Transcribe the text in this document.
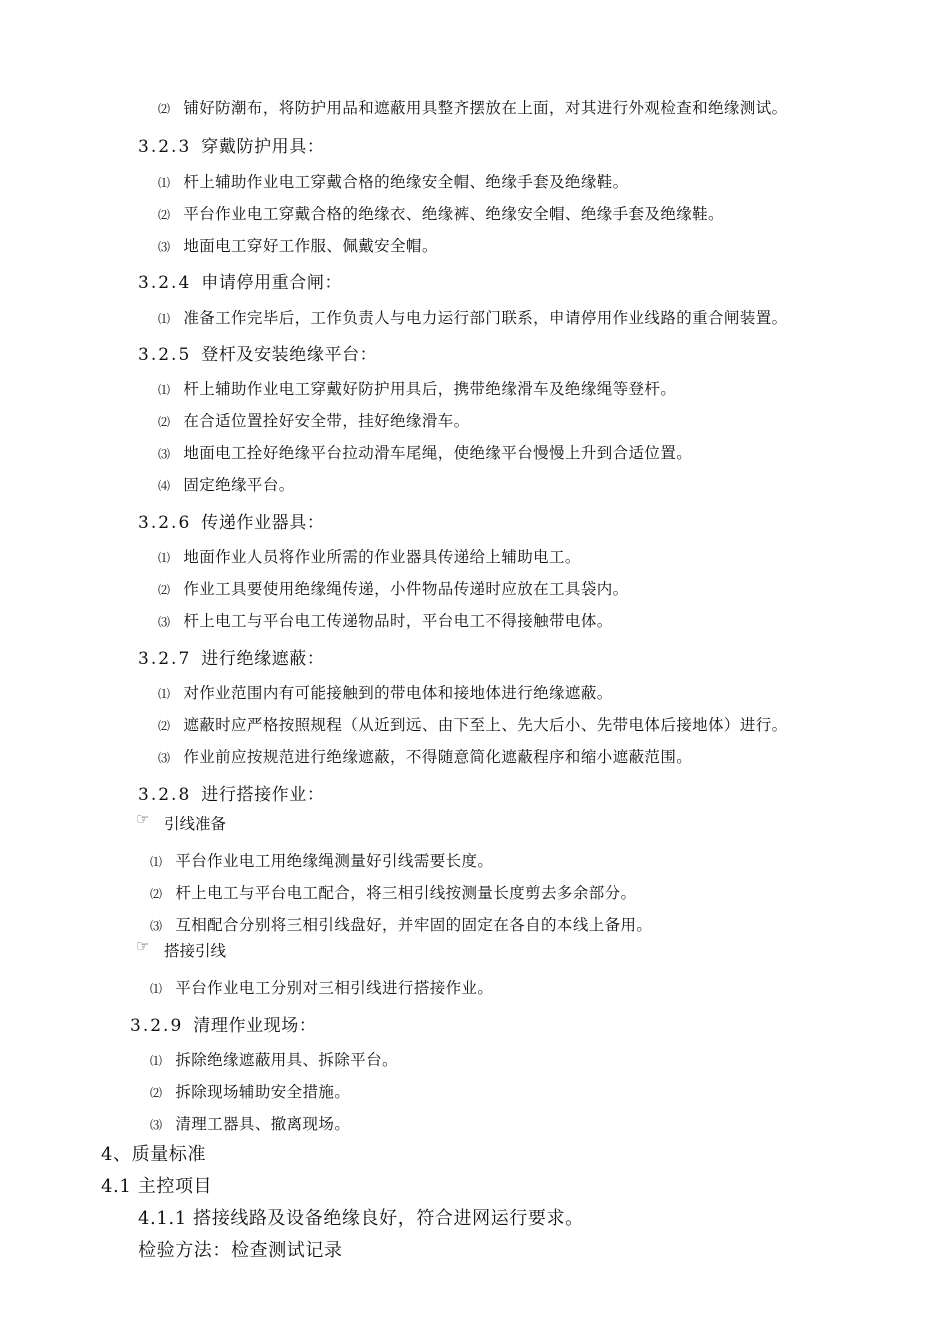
⑵ 铺好防潮布，将防护用品和遮蔽用具整齐摆放在上面，对其进行外观检查和绝缘测试。
3.2.3 穿戴防护用具：
⑴ 杆上辅助作业电工穿戴合格的绝缘安全帽、绝缘手套及绝缘鞋。
⑵ 平台作业电工穿戴合格的绝缘衣、绝缘裤、绝缘安全帽、绝缘手套及绝缘鞋。
⑶ 地面电工穿好工作服、佩戴安全帽。
3.2.4 申请停用重合闸：
⑴ 准备工作完毕后，工作负责人与电力运行部门联系，申请停用作业线路的重合闸装置。
3.2.5 登杆及安装绝缘平台：
⑴ 杆上辅助作业电工穿戴好防护用具后，携带绝缘滑车及绝缘绳等登杆。
⑵ 在合适位置拴好安全带，挂好绝缘滑车。
⑶ 地面电工拴好绝缘平台拉动滑车尾绳，使绝缘平台慢慢上升到合适位置。
⑷ 固定绝缘平台。
3.2.6 传递作业器具：
⑴ 地面作业人员将作业所需的作业器具传递给上辅助电工。
⑵ 作业工具要使用绝缘绳传递，小件物品传递时应放在工具袋内。
⑶ 杆上电工与平台电工传递物品时，平台电工不得接触带电体。
3.2.7 进行绝缘遮蔽：
⑴ 对作业范围内有可能接触到的带电体和接地体进行绝缘遮蔽。
⑵ 遮蔽时应严格按照规程（从近到远、由下至上、先大后小、先带电体后接地体）进行。
⑶ 作业前应按规范进行绝缘遮蔽，不得随意简化遮蔽程序和缩小遮蔽范围。
3.2.8 进行搭接作业：
☞ 引线准备
⑴ 平台作业电工用绝缘绳测量好引线需要长度。
⑵ 杆上电工与平台电工配合，将三相引线按测量长度剪去多余部分。
⑶ 互相配合分别将三相引线盘好，并牢固的固定在各自的本线上备用。
☞ 搭接引线
⑴ 平台作业电工分别对三相引线进行搭接作业。
3.2.9 清理作业现场：
⑴ 拆除绝缘遮蔽用具、拆除平台。
⑵ 拆除现场辅助安全措施。
⑶ 清理工器具、撤离现场。
4、质量标准
4.1 主控项目
4.1.1 搭接线路及设备绝缘良好，符合进网运行要求。
检验方法：检查测试记录
